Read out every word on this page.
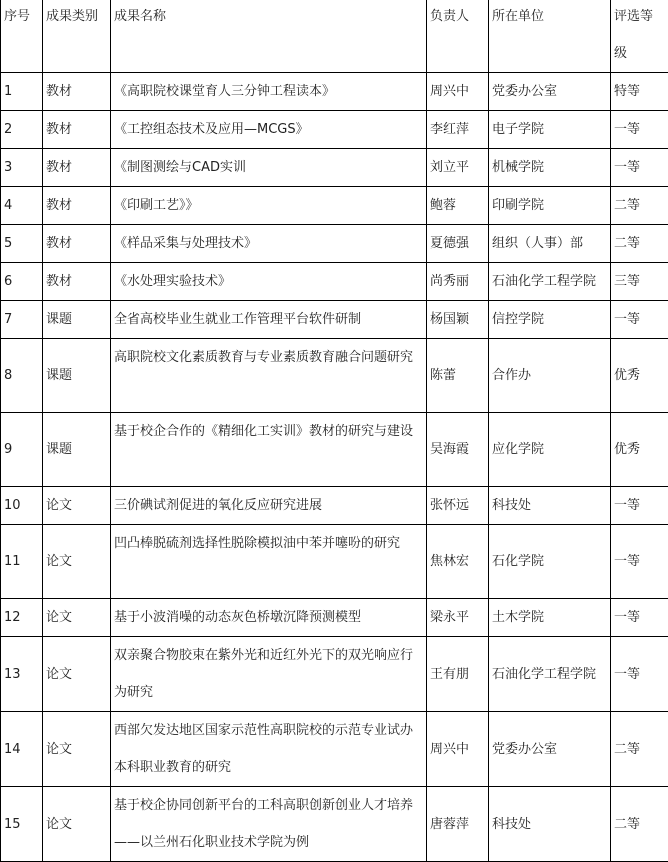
序号	成果类别	成果名称	负责人	所在单位	评选等级
1	教材	《高职院校课堂育人三分钟工程读本》	周兴中	党委办公室	特等
2	教材	《工控组态技术及应用—MCGS》	李红萍	电子学院	一等
3	教材	《制图测绘与CAD实训	刘立平	机械学院	一等
4	教材	《印刷工艺》》	鲍蓉	印刷学院	二等
5	教材	《样品采集与处理技术》	夏德强	组织（人事）部	二等
6	教材	《水处理实验技术》	尚秀丽	石油化学工程学院	三等
7	课题	全省高校毕业生就业工作管理平台软件研制	杨国颖	信控学院	一等
8	课题	高职院校文化素质教育与专业素质教育融合问题研究	陈蕾	合作办	优秀
9	课题	基于校企合作的《精细化工实训》教材的研究与建设	吴海霞	应化学院	优秀
10	论文	三价碘试剂促进的氧化反应研究进展	张怀远	科技处	一等
11	论文	凹凸棒脱硫剂选择性脱除模拟油中苯并噻吩的研究	焦林宏	石化学院	一等
12	论文	基于小波消噪的动态灰色桥墩沉降预测模型	梁永平	土木学院	一等
13	论文	双亲聚合物胶束在紫外光和近红外光下的双光响应行为研究	王有朋	石油化学工程学院	一等
14	论文	西部欠发达地区国家示范性高职院校的示范专业试办本科职业教育的研究	周兴中	党委办公室	二等
15	论文	基于校企协同创新平台的工科高职创新创业人才培养——以兰州石化职业技术学院为例	唐蓉萍	科技处	二等
